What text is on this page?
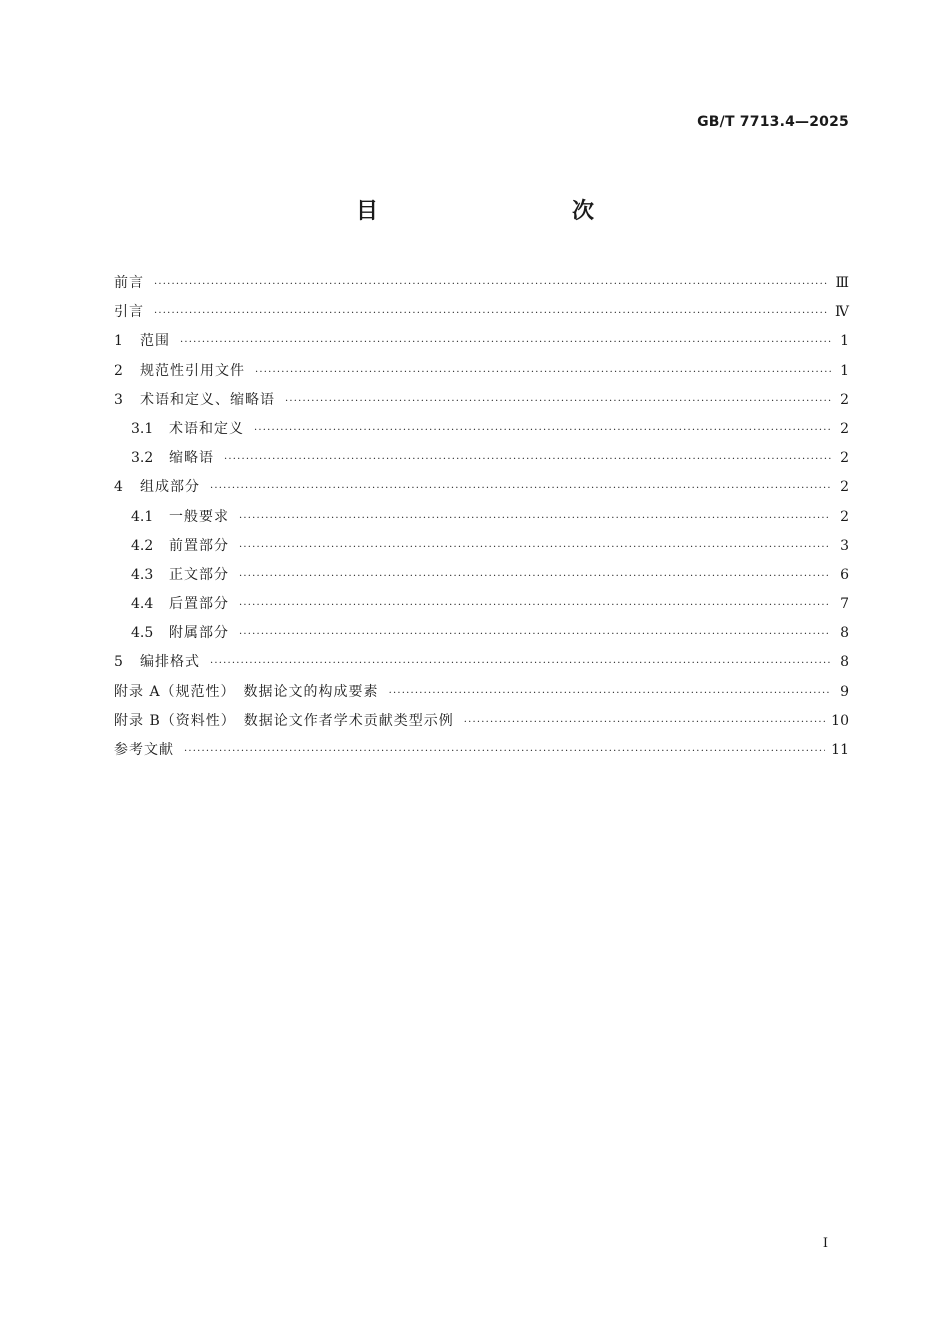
GB/T 7713.4—2025
目　　次
前言 ·····	Ⅲ
引言 ·····	Ⅳ
1	范围 ·····	1
2	规范性引用文件 ·····	1
3	术语和定义、缩略语 ·····	2
3.1	术语和定义 ·····	2
3.2	缩略语 ·····	2
4	组成部分 ·····	2
4.1	一般要求 ·····	2
4.2	前置部分 ·····	3
4.3	正文部分 ·····	6
4.4	后置部分 ·····	7
4.5	附属部分 ·····	8
5	编排格式 ·····	8
附录 A（规范性）　数据论文的构成要素 ·····	9
附录 B（资料性）　数据论文作者学术贡献类型示例 ·····	10
参考文献 ·····	11
Ⅰ
